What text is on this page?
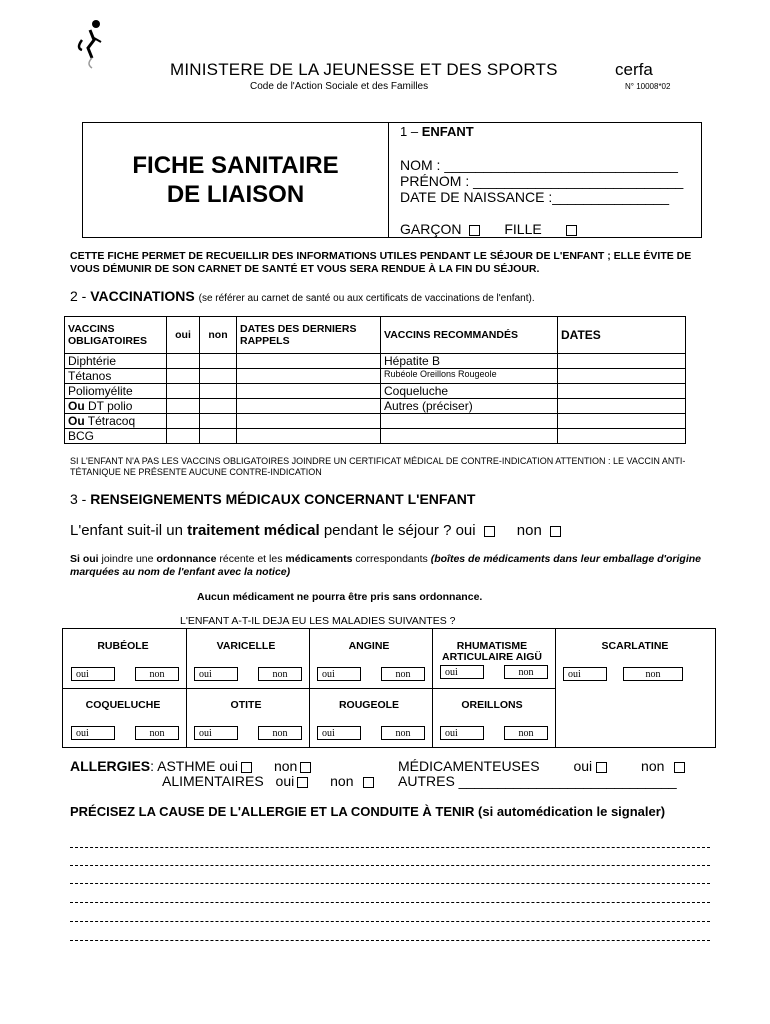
MINISTERE DE LA JEUNESSE ET DES SPORTS
Code de l'Action Sociale et des Familles
cerfa
N° 10008*02
FICHE SANITAIRE
DE LIAISON
1 – ENFANT
NOM : ______________________________
PRÉNOM : ___________________________
DATE DE NAISSANCE :_______________
GARÇON	FILLE
CETTE FICHE PERMET DE RECUEILLIR DES INFORMATIONS UTILES PENDANT LE SÉJOUR DE L'ENFANT ; ELLE ÉVITE DE VOUS DÉMUNIR DE SON CARNET DE SANTÉ ET VOUS SERA RENDUE À LA FIN DU SÉJOUR.
2 - VACCINATIONS (se référer au carnet de santé ou aux certificats de vaccinations de l'enfant).
VACCINS OBLIGATOIRES	oui	non	DATES DES DERNIERS RAPPELS	VACCINS RECOMMANDÉS	DATES
Diphtérie				Hépatite B	
Tétanos				Rubéole Oreillons Rougeole	
Poliomyélite				Coqueluche	
Ou DT polio				Autres (préciser)	
Ou Tétracoq					
BCG					
SI L'ENFANT N'A PAS LES VACCINS OBLIGATOIRES JOINDRE UN CERTIFICAT MÉDICAL DE CONTRE-INDICATION ATTENTION : LE VACCIN ANTI-TÉTANIQUE NE PRÉSENTE AUCUNE CONTRE-INDICATION
3 - RENSEIGNEMENTS MÉDICAUX CONCERNANT L'ENFANT
L'enfant suit-il un traitement médical pendant le séjour ? oui	non
Si oui joindre une ordonnance récente et les médicaments correspondants (boîtes de médicaments dans leur emballage d'origine marquées au nom de l'enfant avec la notice)
Aucun médicament ne pourra être pris sans ordonnance.
L'ENFANT A-T-IL DEJA EU LES MALADIES SUIVANTES ?
RUBÉOLE
oui	non
VARICELLE
oui	non
ANGINE
oui	non
RHUMATISME ARTICULAIRE AIGÜ
oui	non
SCARLATINE
oui	non
COQUELUCHE
oui	non
OTITE
oui	non
ROUGEOLE
oui	non
OREILLONS
oui	non
ALLERGIES: ASTHME oui	non
ALIMENTAIRES oui	non
MÉDICAMENTEUSES oui	non
AUTRES ____________________________
PRÉCISEZ LA CAUSE DE L'ALLERGIE ET LA CONDUITE À TENIR (si automédication le signaler)
